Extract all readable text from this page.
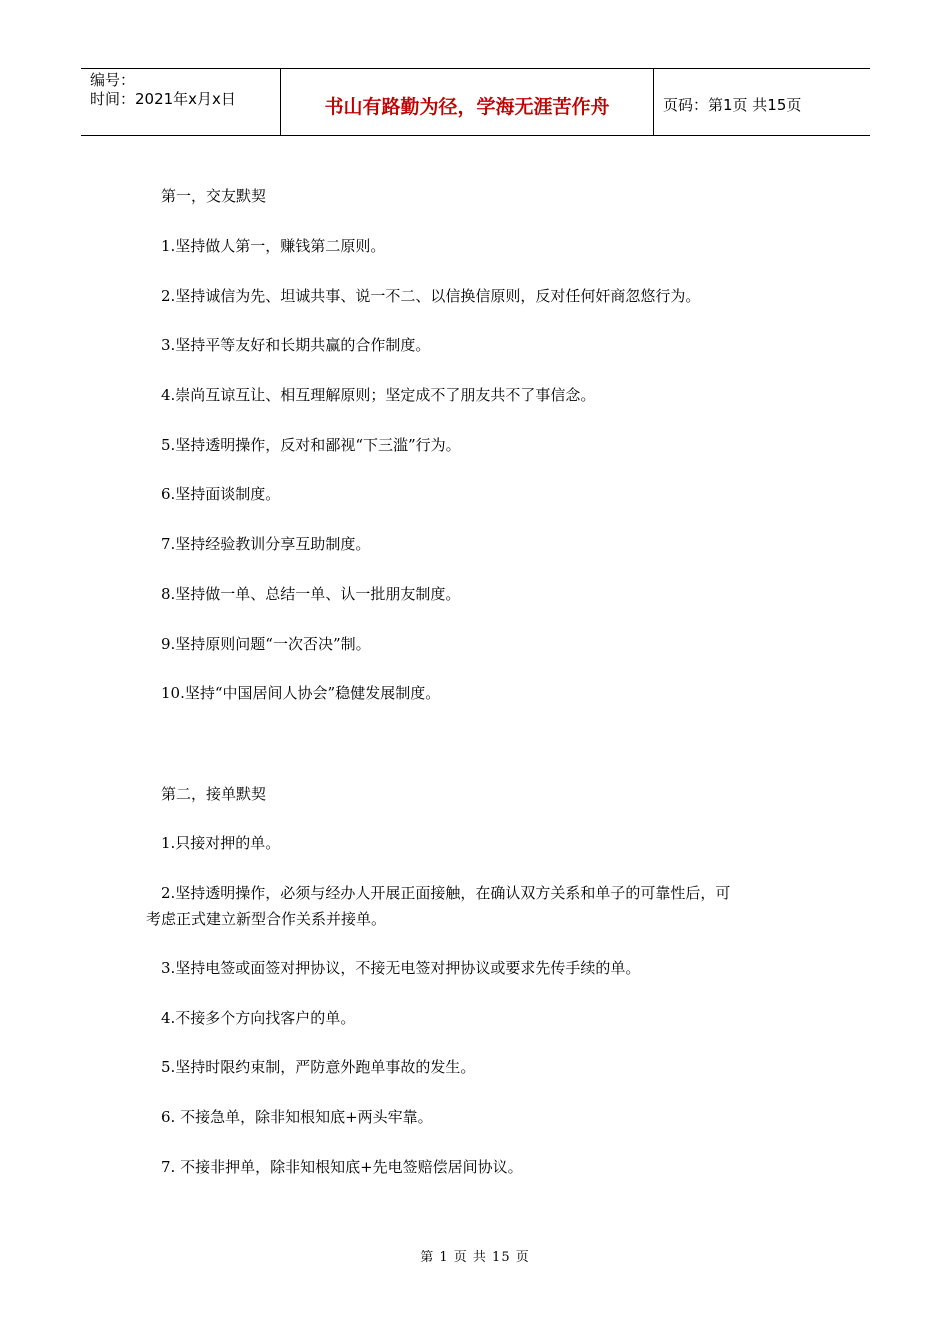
编号：
时间：2021年x月x日	书山有路勤为径，学海无涯苦作舟	页码：第1页 共15页
第一，交友默契
1.坚持做人第一，赚钱第二原则。
2.坚持诚信为先、坦诚共事、说一不二、以信换信原则，反对任何奸商忽悠行为。
3.坚持平等友好和长期共赢的合作制度。
4.崇尚互谅互让、相互理解原则；坚定成不了朋友共不了事信念。
5.坚持透明操作，反对和鄙视“下三滥”行为。
6.坚持面谈制度。
7.坚持经验教训分享互助制度。
8.坚持做一单、总结一单、认一批朋友制度。
9.坚持原则问题“一次否决”制。
10.坚持“中国居间人协会”稳健发展制度。
第二，接单默契
1.只接对押的单。
2.坚持透明操作，必须与经办人开展正面接触，在确认双方关系和单子的可靠性后，可
考虑正式建立新型合作关系并接单。
3.坚持电签或面签对押协议，不接无电签对押协议或要求先传手续的单。
4.不接多个方向找客户的单。
5.坚持时限约束制，严防意外跑单事故的发生。
6. 不接急单，除非知根知底+两头牢靠。
7. 不接非押单，除非知根知底+先电签赔偿居间协议。
第 1 页 共 15 页
